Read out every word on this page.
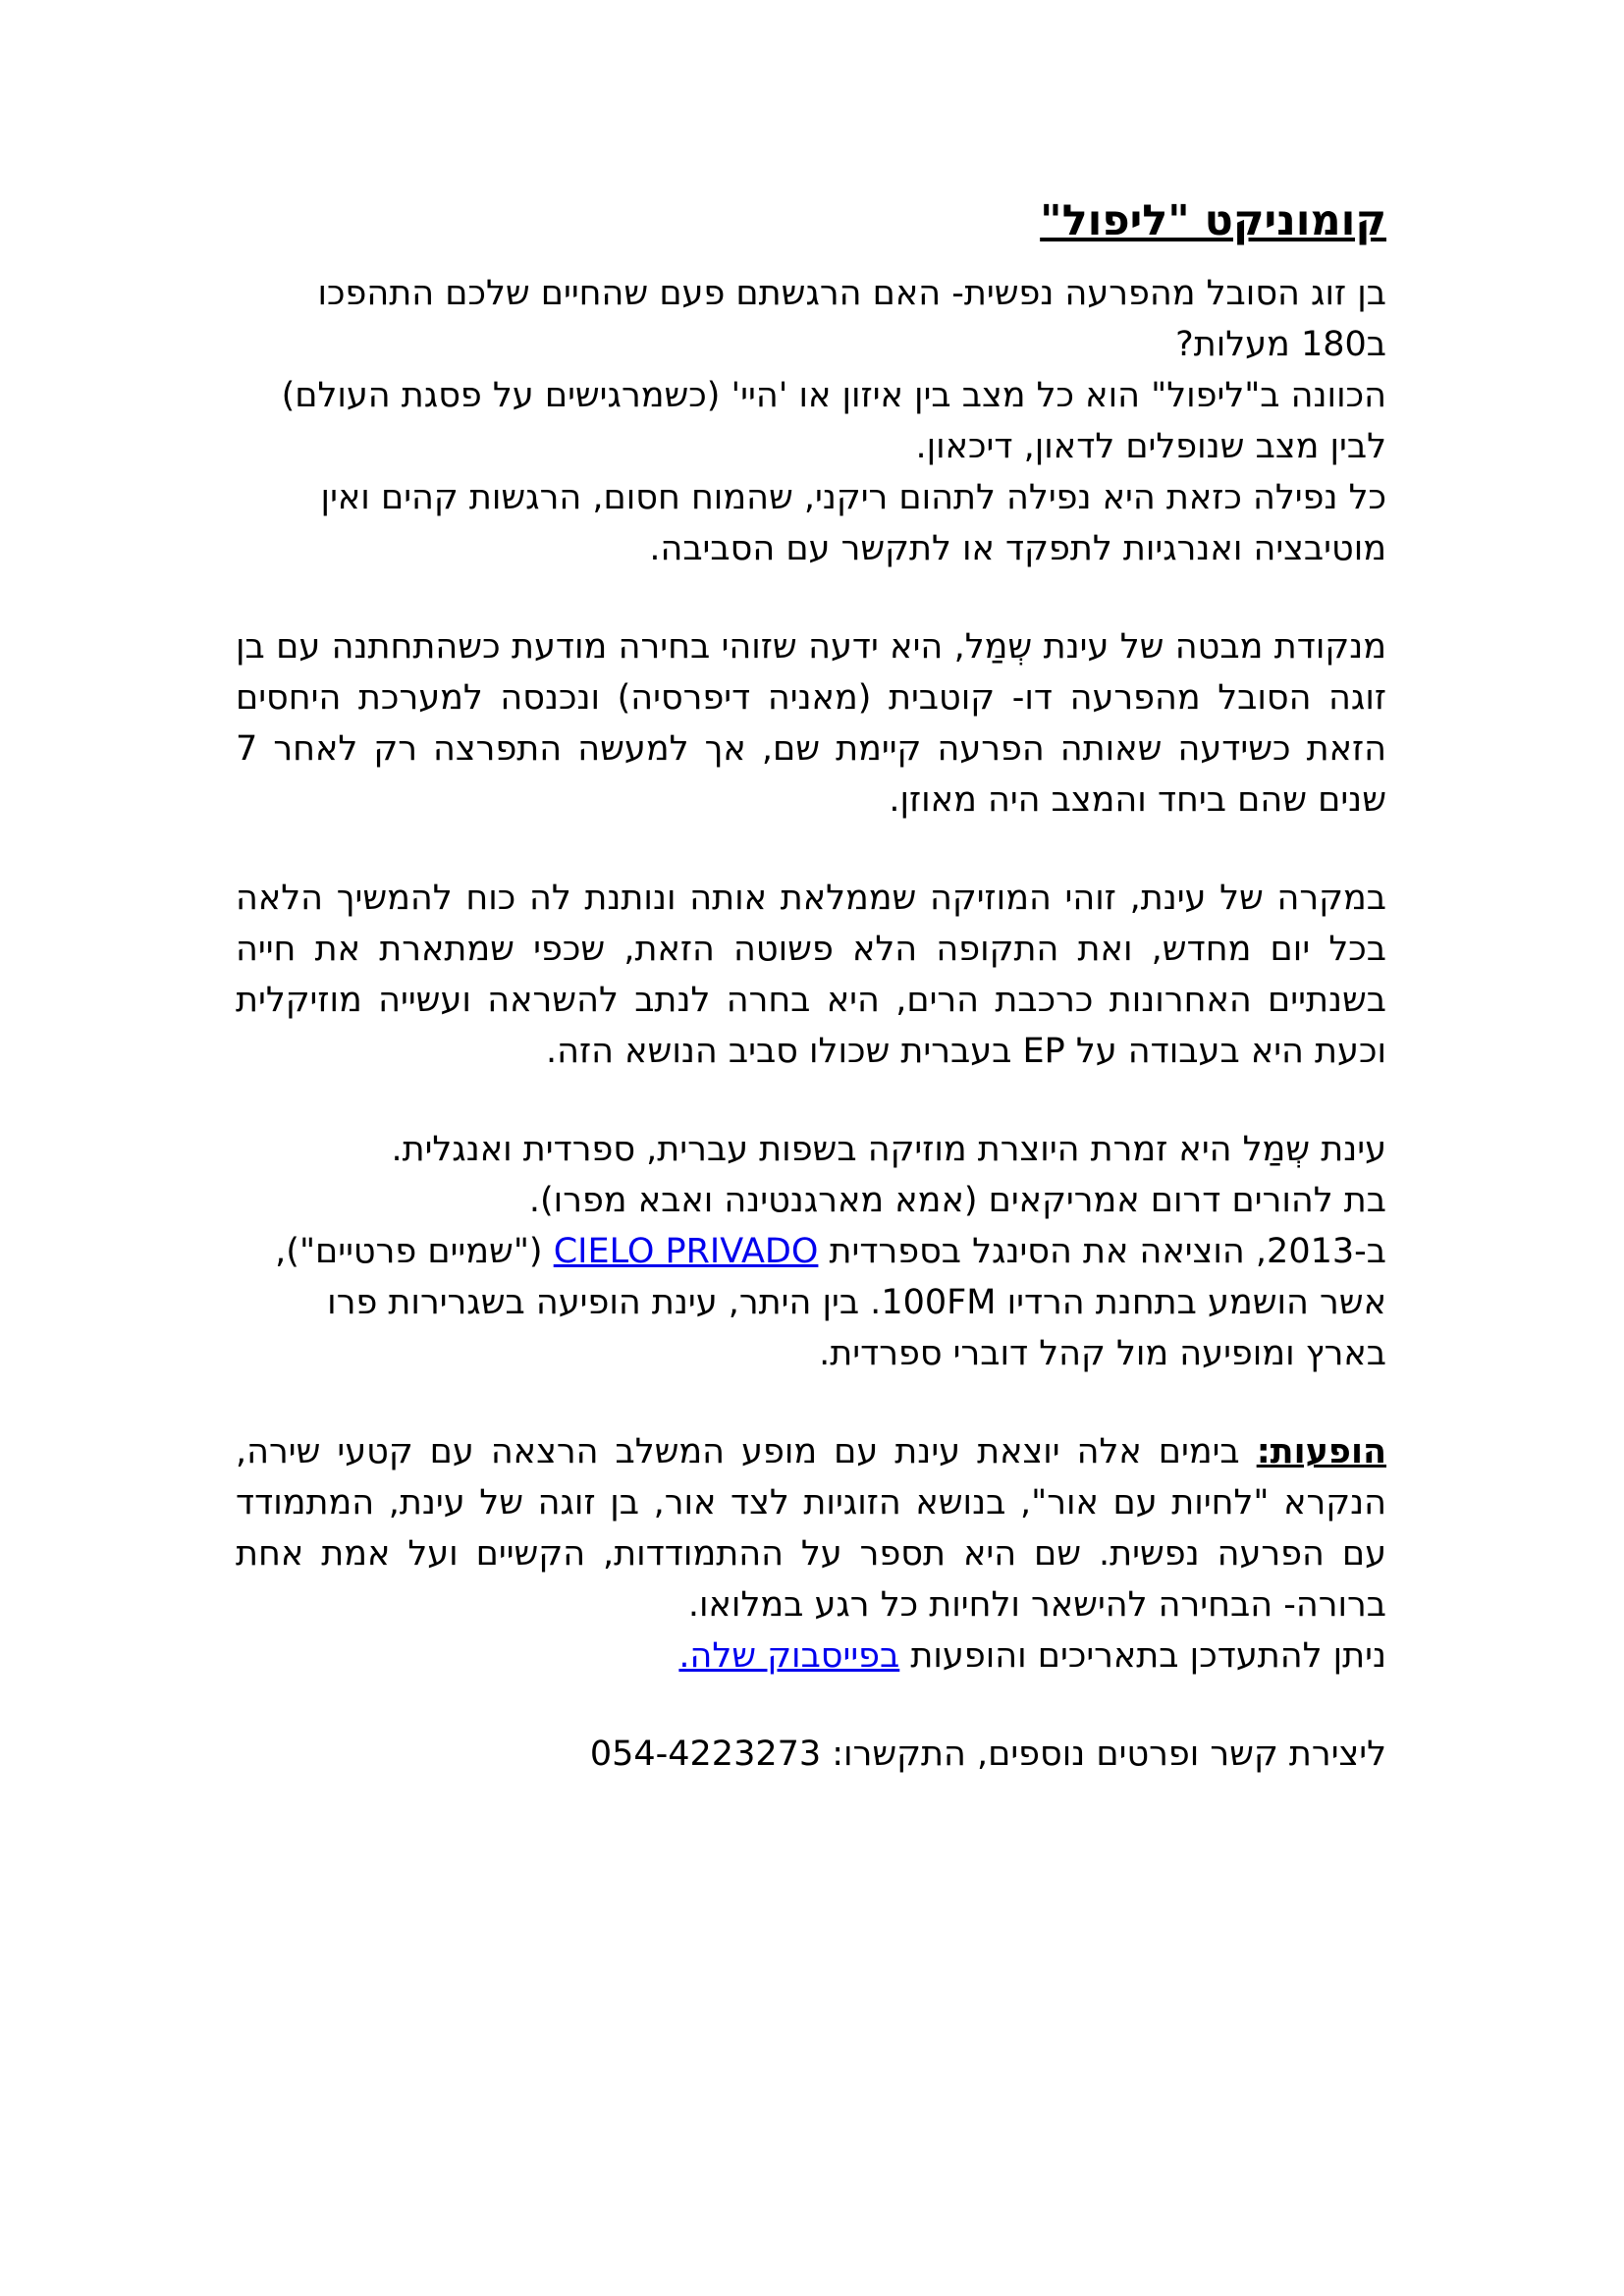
קומוניקט "ליפול"
בן זוג הסובל מהפרעה נפשית- האם הרגשתם פעם שהחיים שלכם התהפכו ב180 מעלות?
הכוונה ב"ליפול" הוא כל מצב בין איזון או 'היי' (כשמרגישים על פסגת העולם) לבין מצב שנופלים לדאון, דיכאון.
כל נפילה כזאת היא נפילה לתהום ריקני, שהמוח חסום, הרגשות קהים ואין מוטיבציה ואנרגיות לתפקד או לתקשר עם הסביבה.

מנקודת מבטה של עינת שְמַל, היא ידעה שזוהי בחירה מודעת כשהתחתנה עם בן זוגה הסובל מהפרעה דו- קוטבית (מאניה דיפרסיה) ונכנסה למערכת היחסים הזאת כשידעה שאותה הפרעה קיימת שם, אך למעשה התפרצה רק לאחר 7 שנים שהם ביחד והמצב היה מאוזן.

במקרה של עינת, זוהי המוזיקה שממלאת אותה ונותנת לה כוח להמשיך הלאה בכל יום מחדש, ואת התקופה הלא פשוטה הזאת, שכפי שמתארת את חייה בשנתיים האחרונות כרכבת הרים, היא בחרה לנתב להשראה ועשייה מוזיקלית וכעת היא בעבודה על EP בעברית שכולו סביב הנושא הזה.

עינת שְמַל היא זמרת היוצרת מוזיקה בשפות עברית, ספרדית ואנגלית.
בת להורים דרום אמריקאים (אמא מארגנטינה ואבא מפרו).
ב-2013, הוציאה את הסינגל בספרדית CIELO PRIVADO ("שמיים פרטיים"), אשר הושמע בתחנת הרדיו 100FM. בין היתר, עינת הופיעה בשגרירות פרו בארץ ומופיעה מול קהל דוברי ספרדית.
הופעות: בימים אלה יוצאת עינת עם מופע המשלב הרצאה עם קטעי שירה, הנקרא "לחיות עם אור", בנושא הזוגיות לצד אור, בן זוגה של עינת, המתמודד עם הפרעה נפשית. שם היא תספר על ההתמודדות, הקשיים ועל אמת אחת ברורה- הבחירה להישאר ולחיות כל רגע במלואו.
ניתן להתעדכן בתאריכים והופעות בפייסבוק שלה.

ליצירת קשר ופרטים נוספים, התקשרו: 054-4223273
